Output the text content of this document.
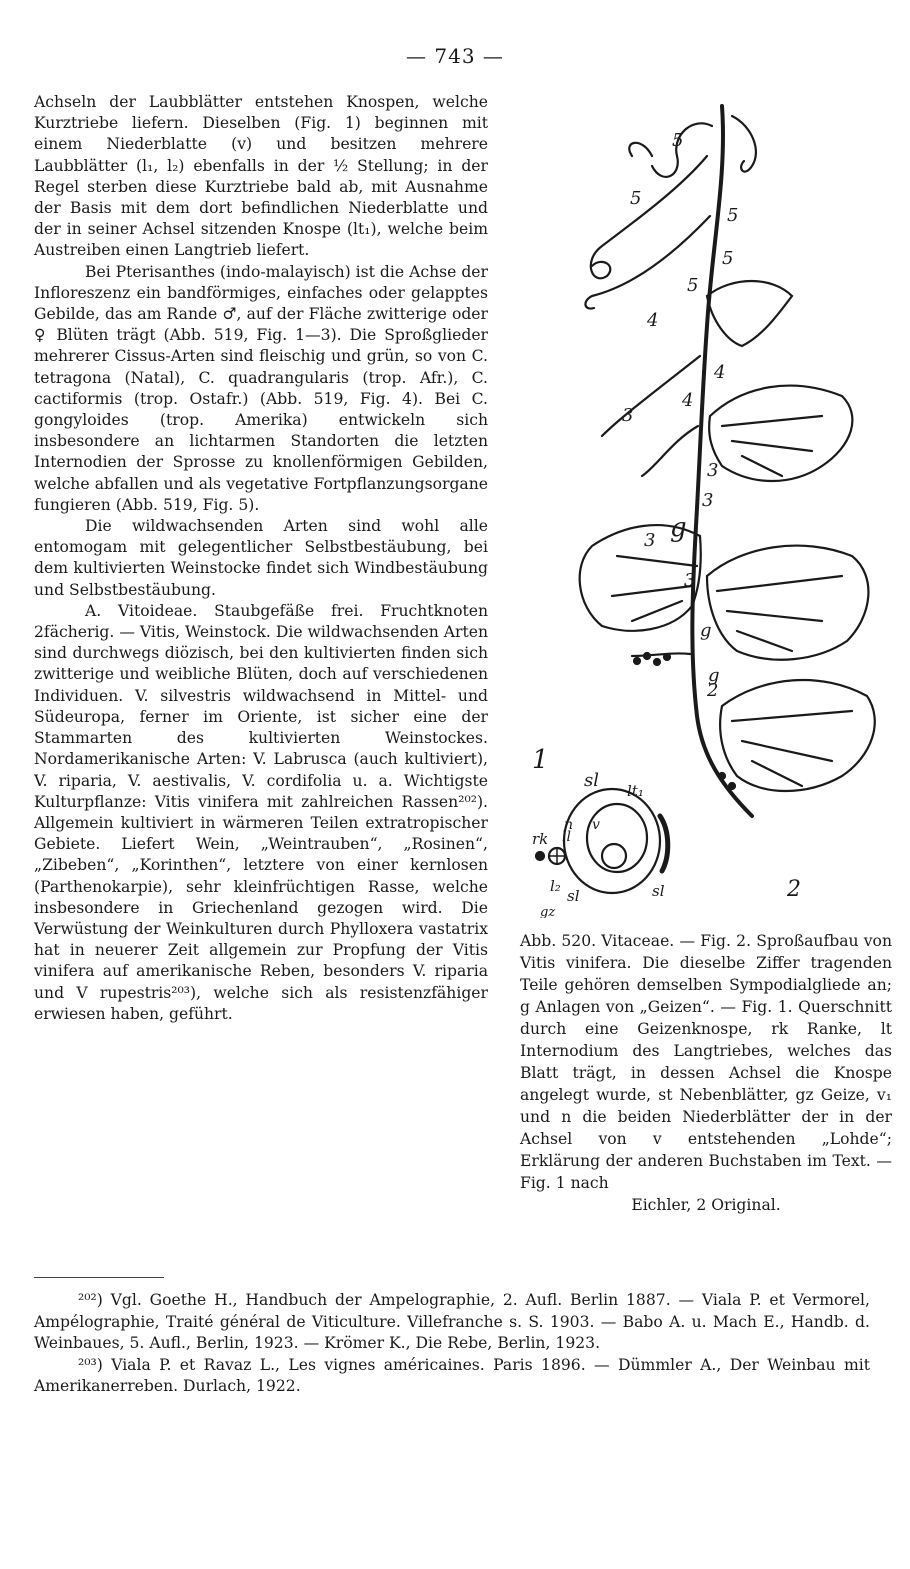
— 743 —

Achseln der Laubblätter entstehen Knospen, welche Kurztriebe liefern. Dieselben (Fig. 1) beginnen mit einem Niederblatte (v) und besitzen mehrere Laubblätter (l₁, l₂) ebenfalls in der ½ Stellung; in der Regel sterben diese Kurztriebe bald ab, mit Ausnahme der Basis mit dem dort befindlichen Niederblatte und der in seiner Achsel sitzenden Knospe (lt₁), welche beim Austreiben einen Langtrieb liefert.

Bei Pterisanthes (indo-malayisch) ist die Achse der Infloreszenz ein bandförmiges, einfaches oder gelapptes Gebilde, das am Rande ♂, auf der Fläche zwitterige oder ♀ Blüten trägt (Abb. 519, Fig. 1—3). Die Sproßglieder mehrerer Cissus-Arten sind fleischig und grün, so von C. tetragona (Natal), C. quadrangularis (trop. Afr.), C. cactiformis (trop. Ostafr.) (Abb. 519, Fig. 4). Bei C. gongyloides (trop. Amerika) entwickeln sich insbesondere an lichtarmen Standorten die letzten Internodien der Sprosse zu knollenförmigen Gebilden, welche abfallen und als vegetative Fortpflanzungsorgane fungieren (Abb. 519, Fig. 5).

Die wildwachsenden Arten sind wohl alle entomogam mit gelegentlicher Selbstbestäubung, bei dem kultivierten Weinstocke findet sich Windbestäubung und Selbstbestäubung.

A. Vitoideae. Staubgefäße frei. Fruchtknoten 2fächerig. — Vitis, Weinstock. Die wildwachsenden Arten sind durchwegs diözisch, bei den kultivierten finden sich zwitterige und weibliche Blüten, doch auf verschiedenen Individuen. V. silvestris wildwachsend in Mittel- und Südeuropa, ferner im Oriente, ist sicher eine der Stammarten des kultivierten Weinstockes. Nordamerikanische Arten: V. Labrusca (auch kultiviert), V. riparia, V. aestivalis, V. cordifolia u. a. Wichtigste Kulturpflanze: Vitis vinifera mit zahlreichen Rassen²⁰²). Allgemein kultiviert in wärmeren Teilen extratropischer Gebiete. Liefert Wein, „Weintrauben“, „Rosinen“, „Zibeben“, „Korinthen“, letztere von einer kernlosen (Parthenokarpie), sehr kleinfrüchtigen Rasse, welche insbesondere in Griechenland gezogen wird. Die Verwüstung der Weinkulturen durch Phylloxera vastatrix hat in neuerer Zeit allgemein zur Propfung der Vitis vinifera auf amerikanische Reben, besonders V. riparia und V rupestris²⁰³), welche sich als resistenzfähiger erwiesen haben, geführt.

5
5
5
5
5
4
4
4
3
3
3
3
3
g
g
g
2
1
sl lt₁
n v
rk ll
l₂
sl	sl
gz
2
Abb. 520. Vitaceae. — Fig. 2. Sproßaufbau von Vitis vinifera. Die dieselbe Ziffer tragenden Teile gehören demselben Sympodialgliede an; g Anlagen von „Geizen“. — Fig. 1. Querschnitt durch eine Geizenknospe, rk Ranke, lt Internodium des Langtriebes, welches das Blatt trägt, in dessen Achsel die Knospe angelegt wurde, st Nebenblätter, gz Geize, v₁ und n die beiden Niederblätter der in der Achsel von v entstehenden „Lohde“; Erklärung der anderen Buchstaben im Text. — Fig. 1 nach
Eichler, 2 Original.

²⁰²) Vgl. Goethe H., Handbuch der Ampelographie, 2. Aufl. Berlin 1887. — Viala P. et Vermorel, Ampélographie, Traité général de Viticulture. Villefranche s. S. 1903. — Babo A. u. Mach E., Handb. d. Weinbaues, 5. Aufl., Berlin, 1923. — Krömer K., Die Rebe, Berlin, 1923.

²⁰³) Viala P. et Ravaz L., Les vignes américaines. Paris 1896. — Dümmler A., Der Weinbau mit Amerikanerreben. Durlach, 1922.
